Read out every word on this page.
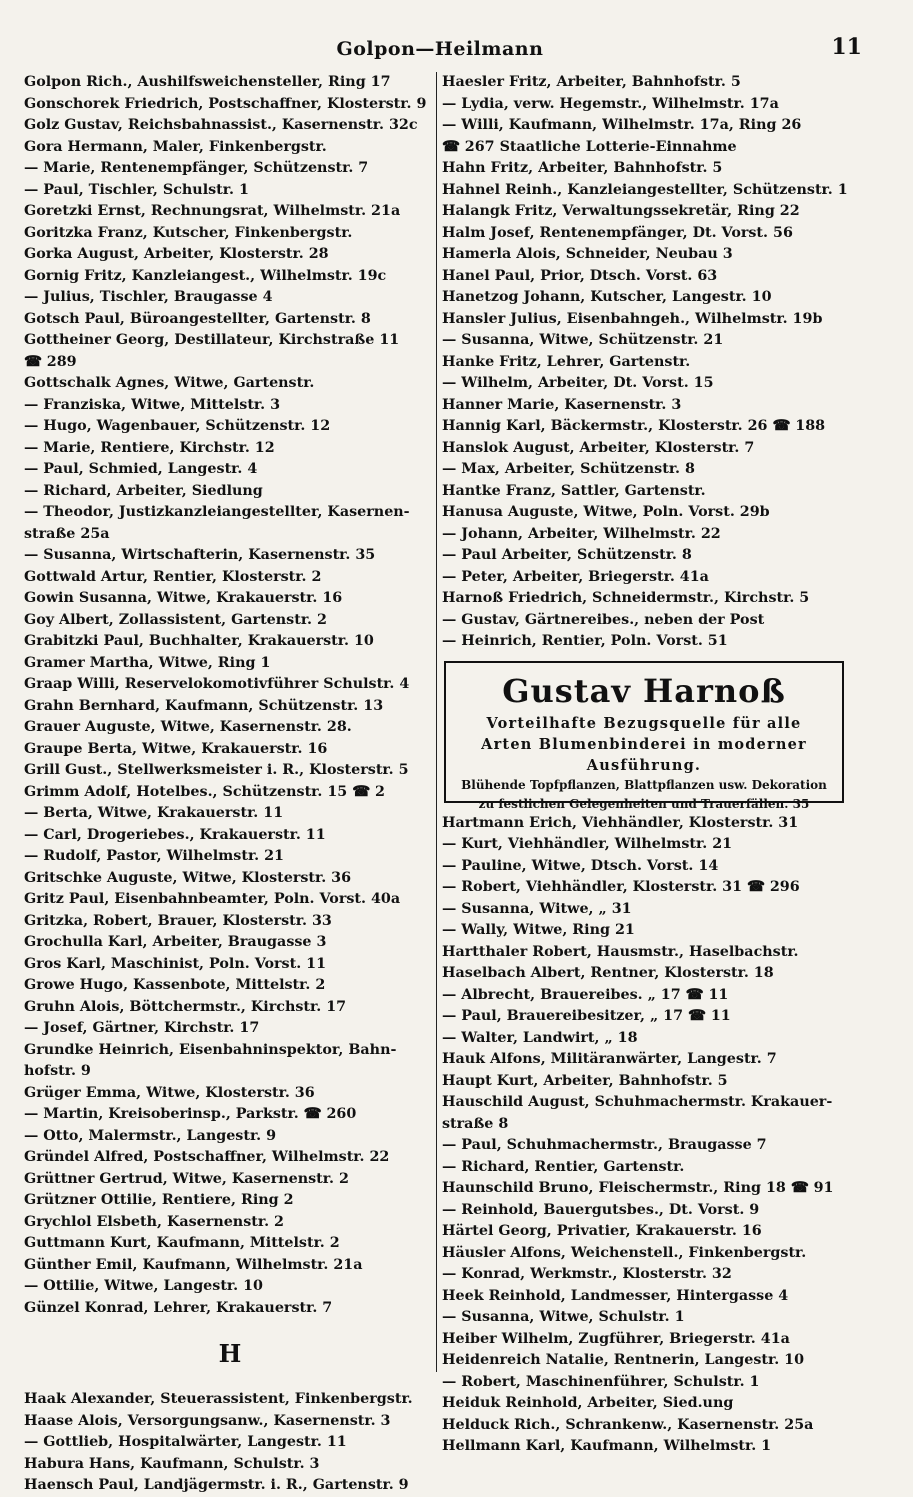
Golpon—Heilmann	11
Golpon Rich., Aushilfsweichensteller, Ring 17
Gonschorek Friedrich, Postschaffner, Klosterstr. 9
Golz Gustav, Reichsbahnassist., Kasernenstr. 32c
Gora Hermann, Maler, Finkenbergstr.
— Marie, Rentenempfänger, Schützenstr. 7
— Paul, Tischler, Schulstr. 1
Goretzki Ernst, Rechnungsrat, Wilhelmstr. 21a
Goritzka Franz, Kutscher, Finkenbergstr.
Gorka August, Arbeiter, Klosterstr. 28
Gornig Fritz, Kanzleiangest., Wilhelmstr. 19c
— Julius, Tischler, Braugasse 4
Gotsch Paul, Büroangestellter, Gartenstr. 8
Gottheiner Georg, Destillateur, Kirchstraße 11
☎ 289
Gottschalk Agnes, Witwe, Gartenstr.
— Franziska, Witwe, Mittelstr. 3
— Hugo, Wagenbauer, Schützenstr. 12
— Marie, Rentiere, Kirchstr. 12
— Paul, Schmied, Langestr. 4
— Richard, Arbeiter, Siedlung
— Theodor, Justizkanzleiangestellter, Kasernen-
straße 25a
— Susanna, Wirtschafterin, Kasernenstr. 35
Gottwald Artur, Rentier, Klosterstr. 2
Gowin Susanna, Witwe, Krakauerstr. 16
Goy Albert, Zollassistent, Gartenstr. 2
Grabitzki Paul, Buchhalter, Krakauerstr. 10
Gramer Martha, Witwe, Ring 1
Graap Willi, Reservelokomotivführer Schulstr. 4
Grahn Bernhard, Kaufmann, Schützenstr. 13
Grauer Auguste, Witwe, Kasernenstr. 28.
Graupe Berta, Witwe, Krakauerstr. 16
Grill Gust., Stellwerksmeister i. R., Klosterstr. 5
Grimm Adolf, Hotelbes., Schützenstr. 15 ☎ 2
— Berta, Witwe, Krakauerstr. 11
— Carl, Drogeriebes., Krakauerstr. 11
— Rudolf, Pastor, Wilhelmstr. 21
Gritschke Auguste, Witwe, Klosterstr. 36
Gritz Paul, Eisenbahnbeamter, Poln. Vorst. 40a
Gritzka, Robert, Brauer, Klosterstr. 33
Grochulla Karl, Arbeiter, Braugasse 3
Gros Karl, Maschinist, Poln. Vorst. 11
Growe Hugo, Kassenbote, Mittelstr. 2
Gruhn Alois, Böttchermstr., Kirchstr. 17
— Josef, Gärtner, Kirchstr. 17
Grundke Heinrich, Eisenbahninspektor, Bahn-
hofstr. 9
Grüger Emma, Witwe, Klosterstr. 36
— Martin, Kreisoberinsp., Parkstr. ☎ 260
— Otto, Malermstr., Langestr. 9
Gründel Alfred, Postschaffner, Wilhelmstr. 22
Grüttner Gertrud, Witwe, Kasernenstr. 2
Grützner Ottilie, Rentiere, Ring 2
Grychlol Elsbeth, Kasernenstr. 2
Guttmann Kurt, Kaufmann, Mittelstr. 2
Günther Emil, Kaufmann, Wilhelmstr. 21a
— Ottilie, Witwe, Langestr. 10
Günzel Konrad, Lehrer, Krakauerstr. 7
H
Haak Alexander, Steuerassistent, Finkenbergstr.
Haase Alois, Versorgungsanw., Kasernenstr. 3
— Gottlieb, Hospitalwärter, Langestr. 11
Habura Hans, Kaufmann, Schulstr. 3
Haensch Paul, Landjägermstr. i. R., Gartenstr. 9
Haesler Fritz, Arbeiter, Bahnhofstr. 5
— Lydia, verw. Hegemstr., Wilhelmstr. 17a
— Willi, Kaufmann, Wilhelmstr. 17a, Ring 26
☎ 267 Staatliche Lotterie-Einnahme
Hahn Fritz, Arbeiter, Bahnhofstr. 5
Hahnel Reinh., Kanzleiangestellter, Schützenstr. 1
Halangk Fritz, Verwaltungssekretär, Ring 22
Halm Josef, Rentenempfänger, Dt. Vorst. 56
Hamerla Alois, Schneider, Neubau 3
Hanel Paul, Prior, Dtsch. Vorst. 63
Hanetzog Johann, Kutscher, Langestr. 10
Hansler Julius, Eisenbahngeh., Wilhelmstr. 19b
— Susanna, Witwe, Schützenstr. 21
Hanke Fritz, Lehrer, Gartenstr.
— Wilhelm, Arbeiter, Dt. Vorst. 15
Hanner Marie, Kasernenstr. 3
Hannig Karl, Bäckermstr., Klosterstr. 26 ☎ 188
Hanslok August, Arbeiter, Klosterstr. 7
— Max, Arbeiter, Schützenstr. 8
Hantke Franz, Sattler, Gartenstr.
Hanusa Auguste, Witwe, Poln. Vorst. 29b
— Johann, Arbeiter, Wilhelmstr. 22
— Paul Arbeiter, Schützenstr. 8
— Peter, Arbeiter, Briegerstr. 41a
Harnoß Friedrich, Schneidermstr., Kirchstr. 5
— Gustav, Gärtnereibes., neben der Post
— Heinrich, Rentier, Poln. Vorst. 51
Gustav Harnoß
Vorteilhafte Bezugsquelle für alle
Arten Blumenbinderei in moderner
Ausführung.
Blühende Topfpflanzen, Blattpflanzen usw. Dekoration
zu festlichen Gelegenheiten und Trauerfällen. 35
Hartmann Erich, Viehhändler, Klosterstr. 31
— Kurt, Viehhändler, Wilhelmstr. 21
— Pauline, Witwe, Dtsch. Vorst. 14
— Robert, Viehhändler, Klosterstr. 31 ☎ 296
— Susanna, Witwe, „ 31
— Wally, Witwe, Ring 21
Hartthaler Robert, Hausmstr., Haselbachstr.
Haselbach Albert, Rentner, Klosterstr. 18
— Albrecht, Brauereibes. „ 17 ☎ 11
— Paul, Brauereibesitzer, „ 17 ☎ 11
— Walter, Landwirt, „ 18
Hauk Alfons, Militäranwärter, Langestr. 7
Haupt Kurt, Arbeiter, Bahnhofstr. 5
Hauschild August, Schuhmachermstr. Krakauer-
straße 8
— Paul, Schuhmachermstr., Braugasse 7
— Richard, Rentier, Gartenstr.
Haunschild Bruno, Fleischermstr., Ring 18 ☎ 91
— Reinhold, Bauergutsbes., Dt. Vorst. 9
Härtel Georg, Privatier, Krakauerstr. 16
Häusler Alfons, Weichenstell., Finkenbergstr.
— Konrad, Werkmstr., Klosterstr. 32
Heek Reinhold, Landmesser, Hintergasse 4
— Susanna, Witwe, Schulstr. 1
Heiber Wilhelm, Zugführer, Briegerstr. 41a
Heidenreich Natalie, Rentnerin, Langestr. 10
— Robert, Maschinenführer, Schulstr. 1
Heiduk Reinhold, Arbeiter, Sied.ung
Helduck Rich., Schrankenw., Kasernenstr. 25a
Hellmann Karl, Kaufmann, Wilhelmstr. 1
